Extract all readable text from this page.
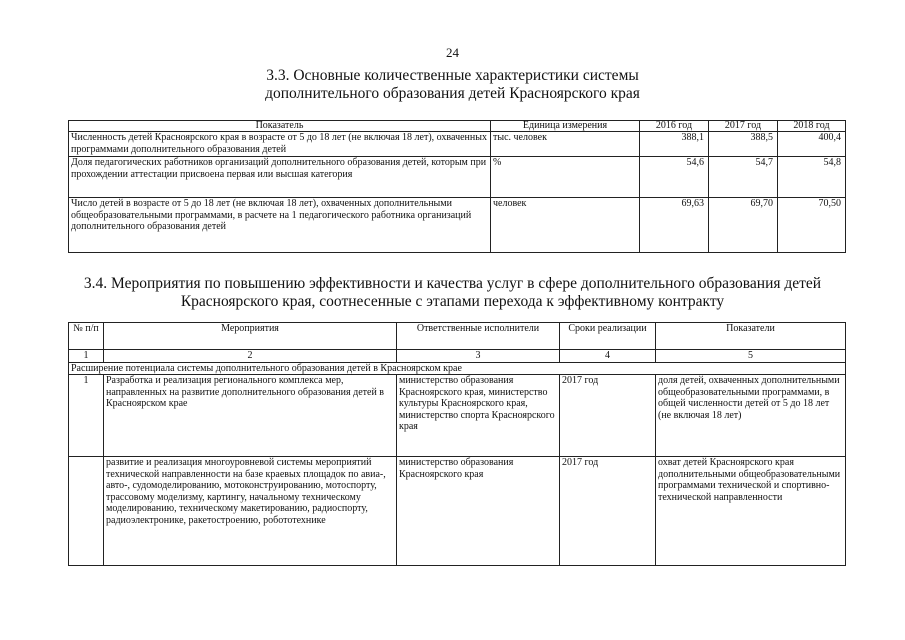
24
3.3. Основные количественные характеристики системы
дополнительного образования детей Красноярского края
Показатель	Единица измерения	2016 год	2017 год	2018 год
Численность детей Красноярского края в возрасте от 5 до 18 лет (не включая 18 лет), охваченных программами дополнительного образования детей	тыс. человек	388,1	388,5	400,4
Доля педагогических работников организаций дополнительного образования детей, которым при прохождении аттестации присвоена первая или высшая категория	%	54,6	54,7	54,8
Число детей в возрасте от 5 до 18 лет (не включая 18 лет), охваченных дополнительными общеобразовательными программами, в расчете на 1 педагогического работника организаций дополнительного образования детей	человек	69,63	69,70	70,50
3.4. Мероприятия по повышению эффективности и качества услуг в сфере дополнительного образования детей
Красноярского края, соотнесенные с этапами перехода к эффективному контракту
№ п/п	Мероприятия	Ответственные исполнители	Сроки реализации	Показатели
1	2	3	4	5
Расширение потенциала системы дополнительного образования детей в Красноярском крае				
1	Разработка и реализация регионального комплекса мер, направленных на развитие дополнительного образования детей в Красноярском крае	министерство образования Красноярского края, министерство культуры Красноярского края, министерство спорта Красноярского края	2017 год	доля детей, охваченных дополнительными общеобразовательными программами, в общей численности детей от 5 до 18 лет (не включая 18 лет)
	развитие и реализация многоуровневой системы мероприятий технической направленности на базе краевых площадок по авиа-, авто-, судомоделированию, мотоконструированию, мотоспорту, трассовому моделизму, картингу, начальному техническому моделированию, техническому макетированию, радиоспорту, радиоэлектронике, ракетостроению, робототехнике	министерство образования Красноярского края	2017 год	охват детей Красноярского края дополнительными общеобразовательными программами технической и спортивно-технической направленности
